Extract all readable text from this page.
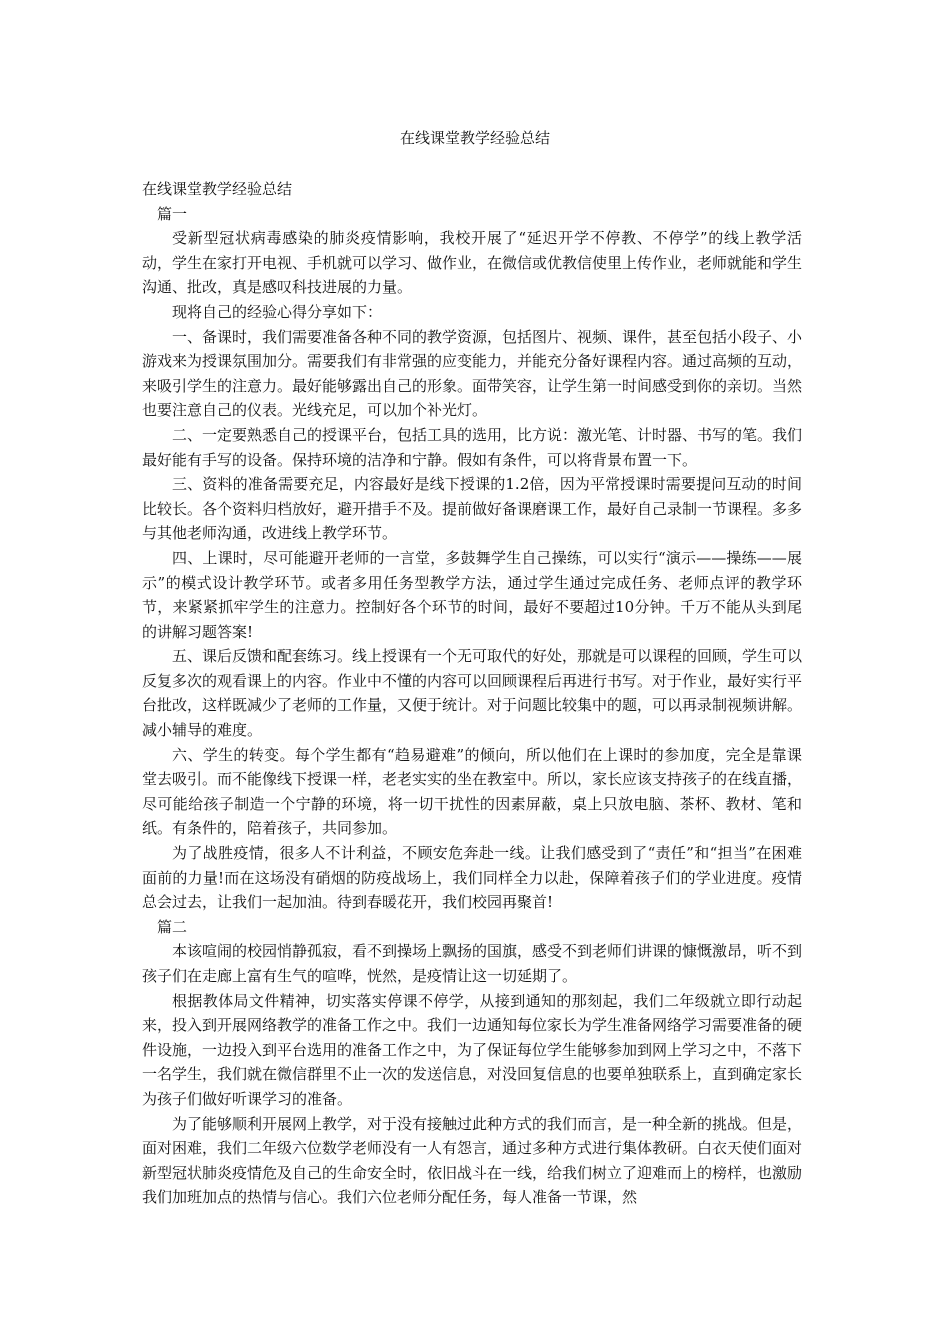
在线课堂教学经验总结

在线课堂教学经验总结

篇一

受新型冠状病毒感染的肺炎疫情影响，我校开展了“延迟开学不停教、不停学”的线上教学活动，学生在家打开电视、手机就可以学习、做作业，在微信或优教信使里上传作业，老师就能和学生沟通、批改，真是感叹科技进展的力量。

现将自己的经验心得分享如下：

一、备课时，我们需要准备各种不同的教学资源，包括图片、视频、课件，甚至包括小段子、小游戏来为授课氛围加分。需要我们有非常强的应变能力，并能充分备好课程内容。通过高频的互动，来吸引学生的注意力。最好能够露出自己的形象。面带笑容，让学生第一时间感受到你的亲切。当然也要注意自己的仪表。光线充足，可以加个补光灯。

二、一定要熟悉自己的授课平台，包括工具的选用，比方说：激光笔、计时器、书写的笔。我们最好能有手写的设备。保持环境的洁净和宁静。假如有条件，可以将背景布置一下。

三、资料的准备需要充足，内容最好是线下授课的1.2倍，因为平常授课时需要提问互动的时间比较长。各个资料归档放好，避开措手不及。提前做好备课磨课工作，最好自己录制一节课程。多多与其他老师沟通，改进线上教学环节。

四、上课时，尽可能避开老师的一言堂，多鼓舞学生自己操练，可以实行“演示——操练——展示”的模式设计教学环节。或者多用任务型教学方法，通过学生通过完成任务、老师点评的教学环节，来紧紧抓牢学生的注意力。控制好各个环节的时间，最好不要超过10分钟。千万不能从头到尾的讲解习题答案!

五、课后反馈和配套练习。线上授课有一个无可取代的好处，那就是可以课程的回顾，学生可以反复多次的观看课上的内容。作业中不懂的内容可以回顾课程后再进行书写。对于作业，最好实行平台批改，这样既减少了老师的工作量，又便于统计。对于问题比较集中的题，可以再录制视频讲解。减小辅导的难度。

六、学生的转变。每个学生都有“趋易避难”的倾向，所以他们在上课时的参加度，完全是靠课堂去吸引。而不能像线下授课一样，老老实实的坐在教室中。所以，家长应该支持孩子的在线直播，尽可能给孩子制造一个宁静的环境，将一切干扰性的因素屏蔽，桌上只放电脑、茶杯、教材、笔和纸。有条件的，陪着孩子，共同参加。

为了战胜疫情，很多人不计利益，不顾安危奔赴一线。让我们感受到了“责任”和“担当”在困难面前的力量!而在这场没有硝烟的防疫战场上，我们同样全力以赴，保障着孩子们的学业进度。疫情总会过去，让我们一起加油。待到春暖花开，我们校园再聚首!

篇二

本该喧闹的校园悄静孤寂，看不到操场上飘扬的国旗，感受不到老师们讲课的慷慨激昂，听不到孩子们在走廊上富有生气的喧哗，恍然，是疫情让这一切延期了。

根据教体局文件精神，切实落实停课不停学，从接到通知的那刻起，我们二年级就立即行动起来，投入到开展网络教学的准备工作之中。我们一边通知每位家长为学生准备网络学习需要准备的硬件设施，一边投入到平台选用的准备工作之中，为了保证每位学生能够参加到网上学习之中，不落下一名学生，我们就在微信群里不止一次的发送信息，对没回复信息的也要单独联系上，直到确定家长为孩子们做好听课学习的准备。

为了能够顺利开展网上教学，对于没有接触过此种方式的我们而言，是一种全新的挑战。但是，面对困难，我们二年级六位数学老师没有一人有怨言，通过多种方式进行集体教研。白衣天使们面对新型冠状肺炎疫情危及自己的生命安全时，依旧战斗在一线，给我们树立了迎难而上的榜样，也激励我们加班加点的热情与信心。我们六位老师分配任务，每人准备一节课，然
